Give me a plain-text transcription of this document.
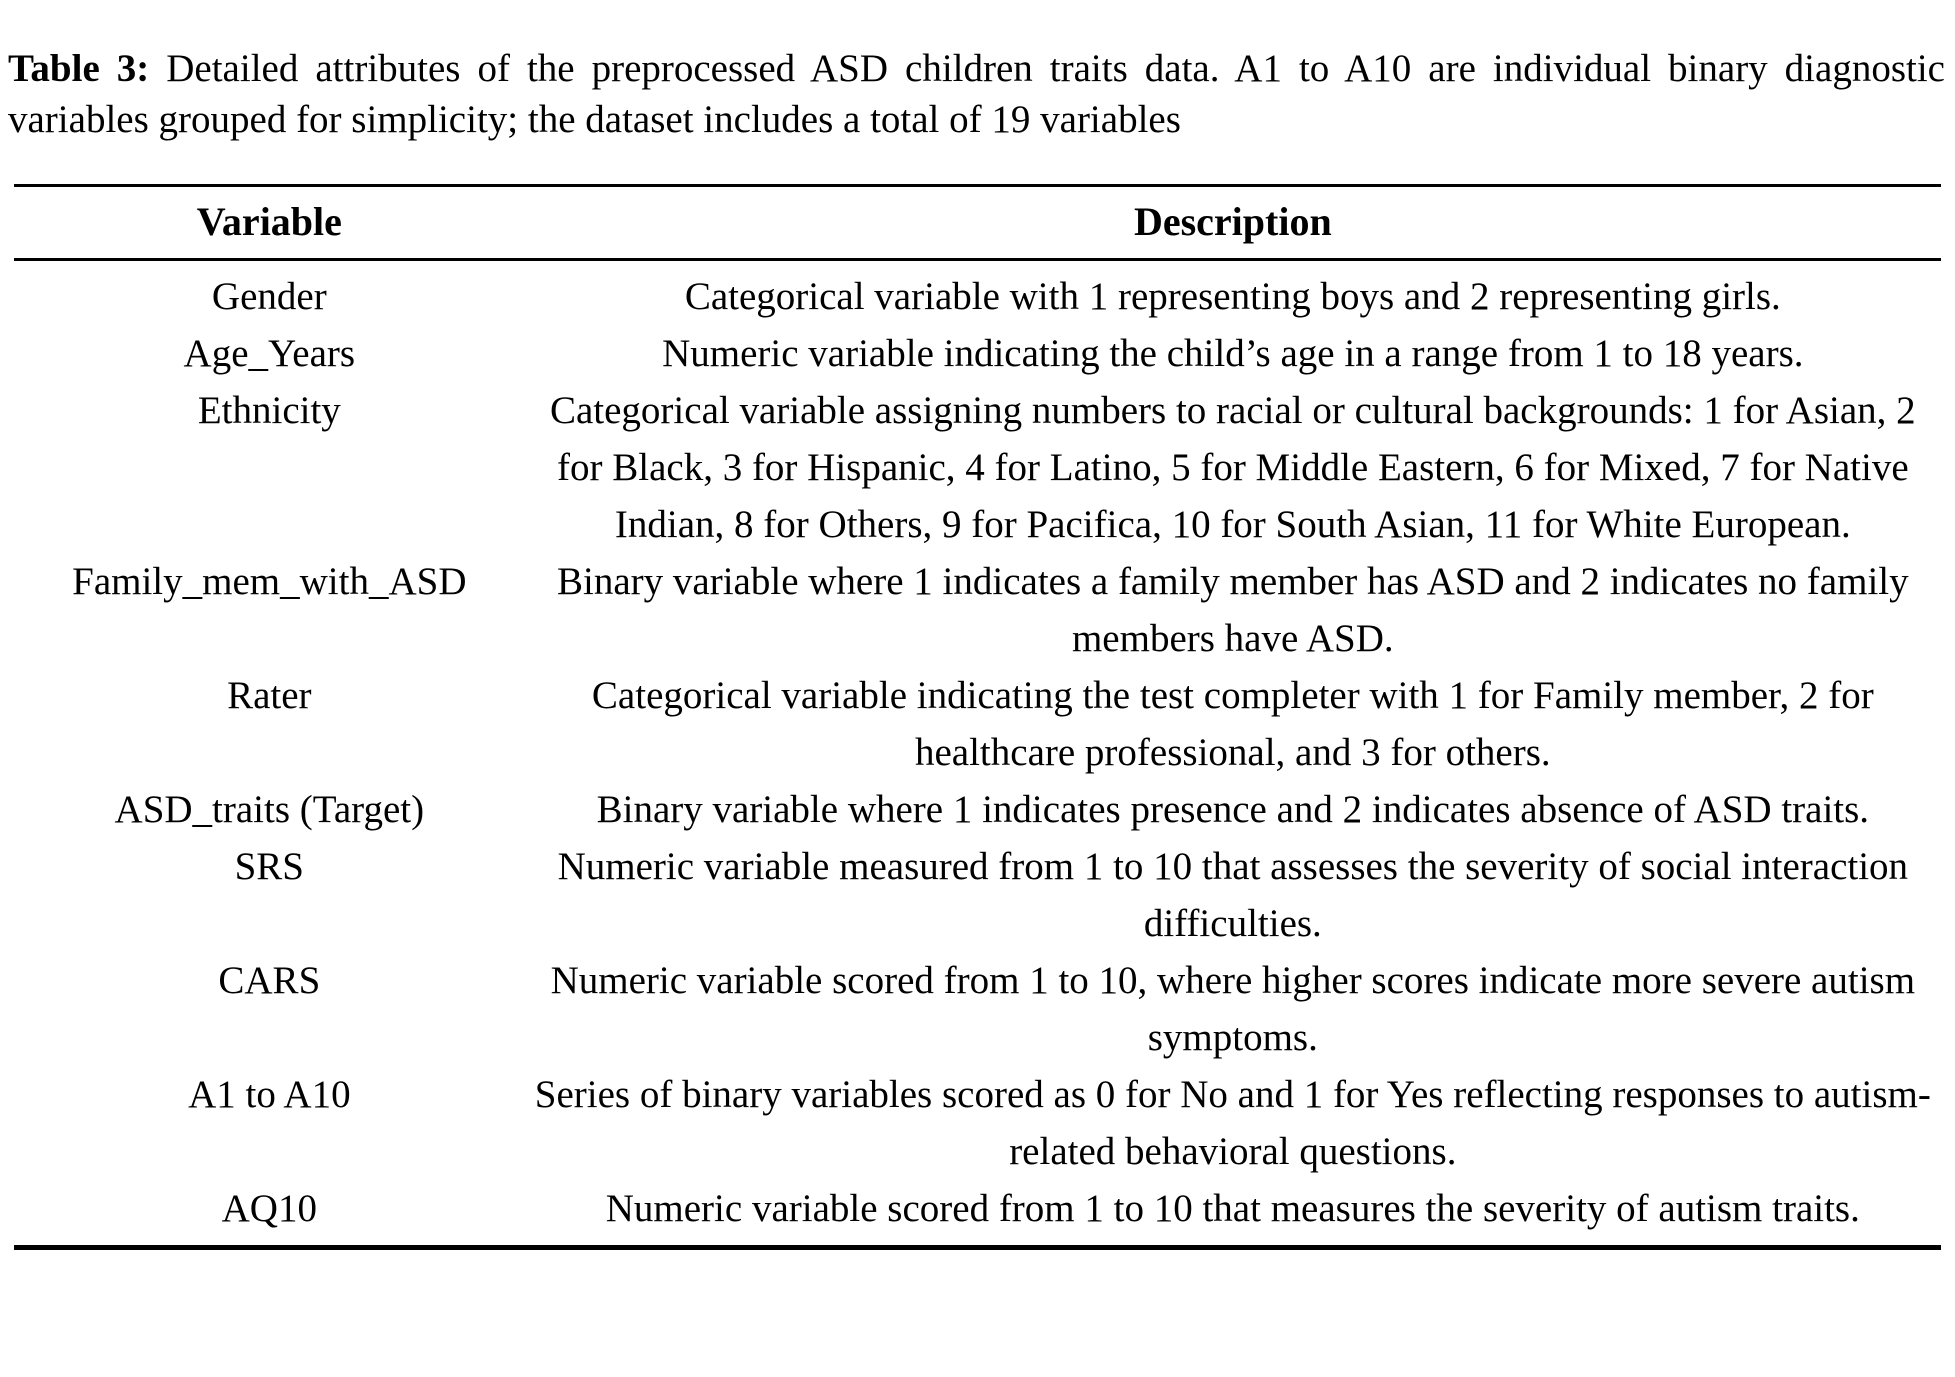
Table 3: Detailed attributes of the preprocessed ASD children traits data. A1 to A10 are individual binary diagnostic variables grouped for simplicity; the dataset includes a total of 19 variables

Variable	Description
Gender	Categorical variable with 1 representing boys and 2 representing girls.
Age_Years	Numeric variable indicating the child’s age in a range from 1 to 18 years.
Ethnicity	Categorical variable assigning numbers to racial or cultural backgrounds: 1 for Asian, 2 for Black, 3 for Hispanic, 4 for Latino, 5 for Middle Eastern, 6 for Mixed, 7 for Native Indian, 8 for Others, 9 for Pacifica, 10 for South Asian, 11 for White European.
Family_mem_with_ASD	Binary variable where 1 indicates a family member has ASD and 2 indicates no family members have ASD.
Rater	Categorical variable indicating the test completer with 1 for Family member, 2 for healthcare professional, and 3 for others.
ASD_traits (Target)	Binary variable where 1 indicates presence and 2 indicates absence of ASD traits.
SRS	Numeric variable measured from 1 to 10 that assesses the severity of social interaction difficulties.
CARS	Numeric variable scored from 1 to 10, where higher scores indicate more severe autism symptoms.
A1 to A10	Series of binary variables scored as 0 for No and 1 for Yes reflecting responses to autism-related behavioral questions.
AQ10	Numeric variable scored from 1 to 10 that measures the severity of autism traits.
